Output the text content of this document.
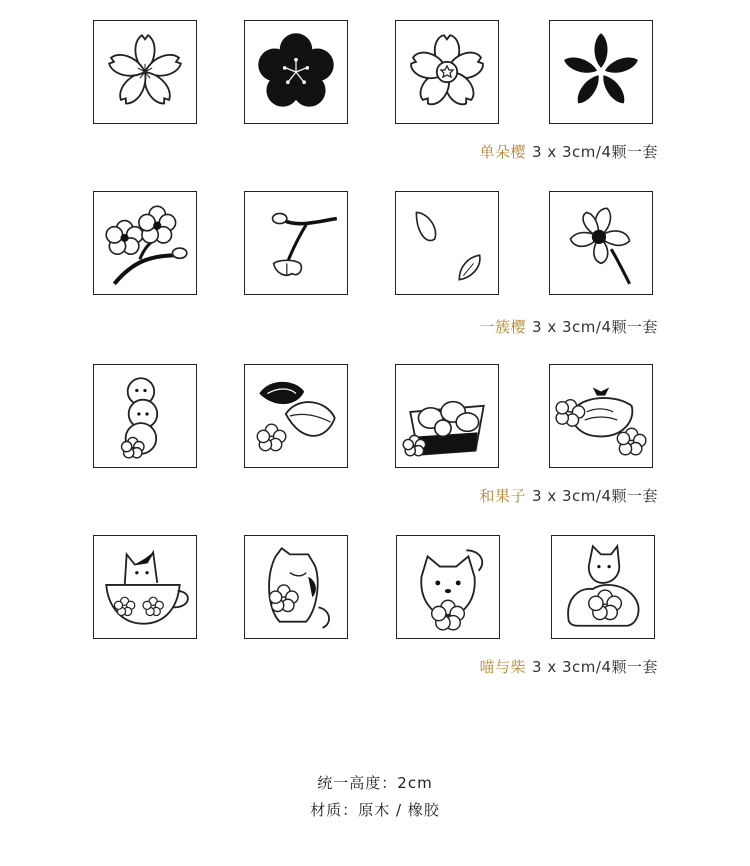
单朵樱 3 x 3cm/4颗一套
一簇樱 3 x 3cm/4颗一套
和果子 3 x 3cm/4颗一套
喵与柴 3 x 3cm/4颗一套
统一高度：2cm
材质：原木 / 橡胶
